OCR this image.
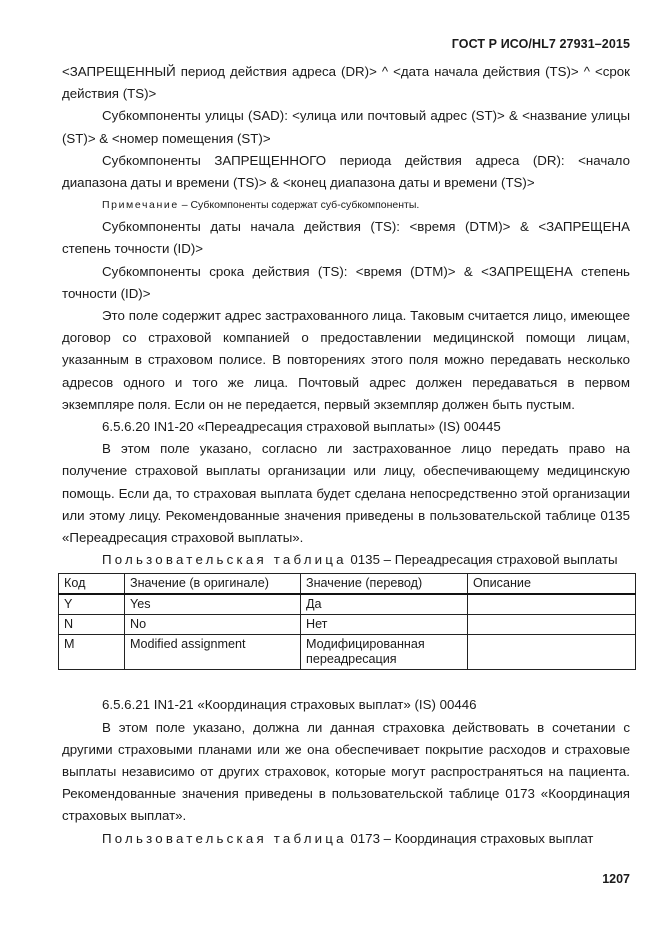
ГОСТ Р ИСО/HL7 27931–2015

<ЗАПРЕЩЕННЫЙ период действия адреса (DR)> ^ <дата начала действия (TS)> ^ <срок действия (TS)>

Субкомпоненты улицы (SAD): <улица или почтовый адрес (ST)> & <название улицы (ST)> & <номер помещения (ST)>

Субкомпоненты ЗАПРЕЩЕННОГО периода действия адреса (DR): <начало диапазона даты и времени (TS)> & <конец диапазона даты и времени (TS)>

Примечание – Субкомпоненты содержат суб-субкомпоненты.

Субкомпоненты даты начала действия (TS): <время (DTM)> & <ЗАПРЕЩЕНА степень точности (ID)>

Субкомпоненты срока действия (TS): <время (DTM)> & <ЗАПРЕЩЕНА степень точности (ID)>

Это поле содержит адрес застрахованного лица. Таковым считается лицо, имеющее договор со страховой компанией о предоставлении медицинской помощи лицам, указанным в страховом полисе. В повторениях этого поля можно передавать несколько адресов одного и того же лица. Почтовый адрес должен передаваться в первом экземпляре поля. Если он не передается, первый экземпляр должен быть пустым.

6.5.6.20 IN1-20 «Переадресация страховой выплаты» (IS) 00445

В этом поле указано, согласно ли застрахованное лицо передать право на получение страховой выплаты организации или лицу, обеспечивающему медицинскую помощь. Если да, то страховая выплата будет сделана непосредственно этой организации или этому лицу. Рекомендованные значения приведены в пользовательской таблице 0135 «Переадресация страховой выплаты».

Пользовательская таблица 0135 – Переадресация страховой выплаты

Код	Значение (в оригинале)	Значение (перевод)	Описание
Y	Yes	Да	
N	No	Нет	
M	Modified assignment	Модифицированная переадресация	

6.5.6.21 IN1-21 «Координация страховых выплат» (IS) 00446

В этом поле указано, должна ли данная страховка действовать в сочетании с другими страховыми планами или же она обеспечивает покрытие расходов и страховые выплаты независимо от других страховок, которые могут распространяться на пациента. Рекомендованные значения приведены в пользовательской таблице 0173 «Координация страховых выплат».

Пользовательская таблица 0173 – Координация страховых выплат

1207
